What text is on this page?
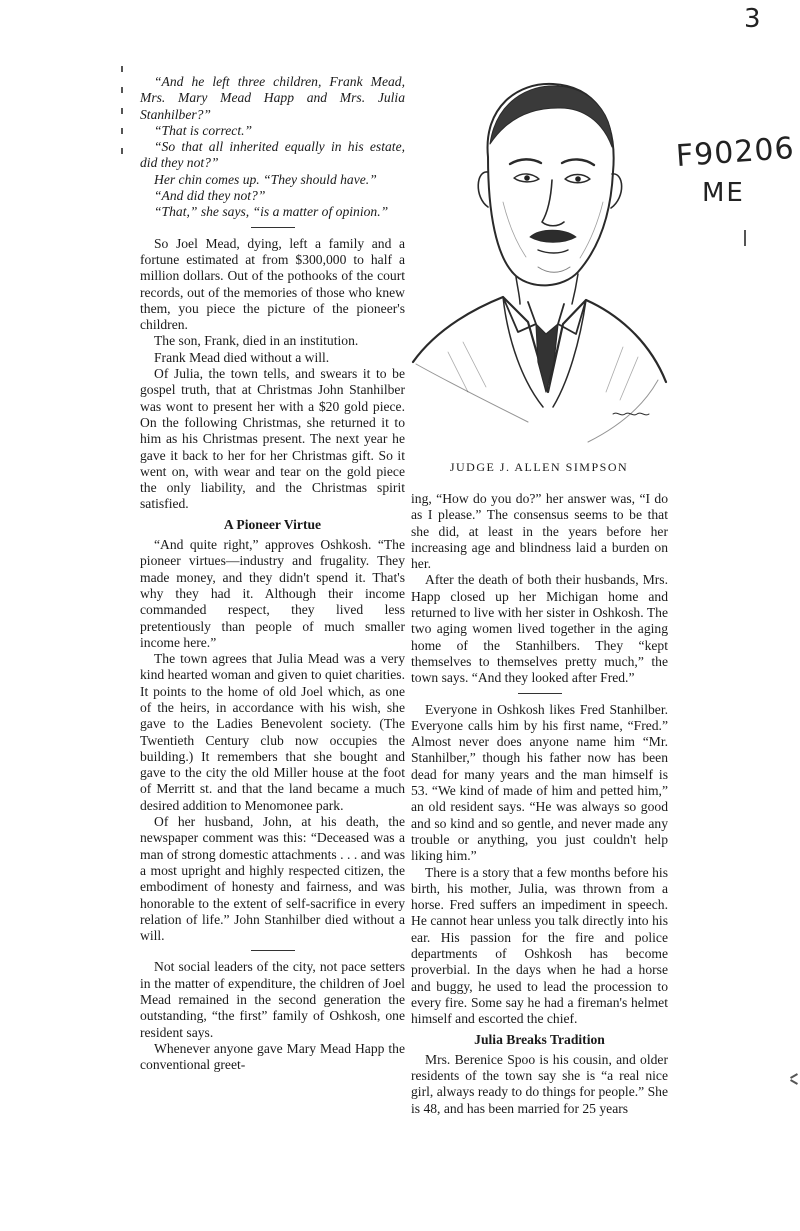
3
F90206
ME
JUDGE J. ALLEN SIMPSON

“And he left three children, Frank Mead, Mrs. Mary Mead Happ and Mrs. Julia Stanhilber?”

“That is correct.”

“So that all inherited equally in his estate, did they not?”

Her chin comes up. “They should have.”

“And did they not?”

“That,” she says, “is a matter of opinion.”

So Joel Mead, dying, left a family and a fortune estimated at from $300,000 to half a million dollars. Out of the pothooks of the court records, out of the memories of those who knew them, you piece the picture of the pioneer's children.

The son, Frank, died in an institution.

Frank Mead died without a will.

Of Julia, the town tells, and swears it to be gospel truth, that at Christmas John Stanhilber was wont to present her with a $20 gold piece. On the following Christmas, she returned it to him as his Christmas present. The next year he gave it back to her for her Christmas gift. So it went on, with wear and tear on the gold piece the only liability, and the Christmas spirit satisfied.

A Pioneer Virtue

“And quite right,” approves Oshkosh. “The pioneer virtues—industry and frugality. They made money, and they didn't spend it. That's why they had it. Although their income commanded respect, they lived less pretentiously than people of much smaller income here.”

The town agrees that Julia Mead was a very kind hearted woman and given to quiet charities. It points to the home of old Joel which, as one of the heirs, in accordance with his wish, she gave to the Ladies Benevolent society. (The Twentieth Century club now occupies the building.) It remembers that she bought and gave to the city the old Miller house at the foot of Merritt st. and that the land became a much desired addition to Menomonee park.

Of her husband, John, at his death, the newspaper comment was this: “Deceased was a man of strong domestic attachments . . . and was a most upright and highly respected citizen, the embodiment of honesty and fairness, and was honorable to the extent of self-sacrifice in every relation of life.” John Stanhilber died without a will.

Not social leaders of the city, not pace setters in the matter of expenditure, the children of Joel Mead remained in the second generation the outstanding, “the first” family of Oshkosh, one resident says.

Whenever anyone gave Mary Mead Happ the conventional greet-

ing, “How do you do?” her answer was, “I do as I please.” The consensus seems to be that she did, at least in the years before her increasing age and blindness laid a burden on her.

After the death of both their husbands, Mrs. Happ closed up her Michigan home and returned to live with her sister in Oshkosh. The two aging women lived together in the aging home of the Stanhilbers. They “kept themselves to themselves pretty much,” the town says. “And they looked after Fred.”

Everyone in Oshkosh likes Fred Stanhilber. Everyone calls him by his first name, “Fred.” Almost never does anyone name him “Mr. Stanhilber,” though his father now has been dead for many years and the man himself is 53. “We kind of made of him and petted him,” an old resident says. “He was always so good and so kind and so gentle, and never made any trouble or anything, you just couldn't help liking him.”

There is a story that a few months before his birth, his mother, Julia, was thrown from a horse. Fred suffers an impediment in speech. He cannot hear unless you talk directly into his ear. His passion for the fire and police departments of Oshkosh has become proverbial. In the days when he had a horse and buggy, he used to lead the procession to every fire. Some say he had a fireman's helmet himself and escorted the chief.

Julia Breaks Tradition

Mrs. Berenice Spoo is his cousin, and older residents of the town say she is “a real nice girl, always ready to do things for people.” She is 48, and has been married for 25 years
